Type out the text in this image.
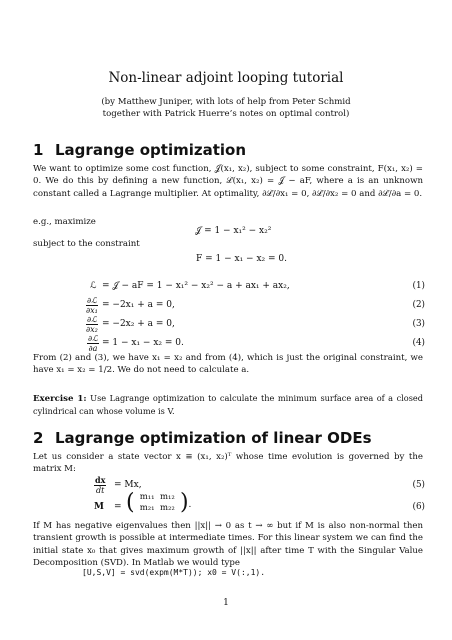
Non-linear adjoint looping tutorial
(by Matthew Juniper, with lots of help from Peter Schmid
together with Patrick Huerre’s notes on optimal control)
1 Lagrange optimization
We want to optimize some cost function, 𝒥(x₁, x₂), subject to some constraint, F(x₁, x₂) = 0. We do this by defining a new function, ℒ(x₁, x₂) = 𝒥 − aF, where a is an unknown constant called a Lagrange multiplier. At optimality, ∂ℒ/∂x₁ = 0, ∂ℒ/∂x₂ = 0 and ∂ℒ/∂a = 0.
e.g., maximize
𝒥 = 1 − x₁² − x₂²
subject to the constraint
F = 1 − x₁ − x₂ = 0.
ℒ = 𝒥 − aF = 1 − x₁² − x₂² − a + ax₁ + ax₂,	(1)
$\frac{\text{∂ℒ}}{\text{∂x₁}} = -2x_1 + a = 0$,	(2)
$\frac{\text{∂ℒ}}{\text{∂x₂}} = -2x_2 + a = 0$,	(3)
$\frac{\text{∂ℒ}}{\partial a} = 1 - x_1 - x_2 = 0$.	(4)
From (2) and (3), we have x₁ = x₂ and from (4), which is just the original constraint, we have x₁ = x₂ = 1/2. We do not need to calculate a.
Exercise 1: Use Lagrange optimization to calculate the minimum surface area of a closed cylindrical can whose volume is V.
2 Lagrange optimization of linear ODEs
Let us consider a state vector x ≡ (x₁, x₂)ᵀ whose time evolution is governed by the matrix M:
$\frac{dx}{dt} = Mx$,	(5)
M = ( m₁₁ m₁₂
m₂₁ m₂₂ ).	(6)
If M has negative eigenvalues then ||x|| → 0 as t → ∞ but if M is also non-normal then transient growth is possible at intermediate times. For this linear system we can find the initial state x₀ that gives maximum growth of ||x|| after time T with the Singular Value Decomposition (SVD). In Matlab we would type
[U,S,V] = svd(expm(M*T)); x0 = V(:,1).
1
